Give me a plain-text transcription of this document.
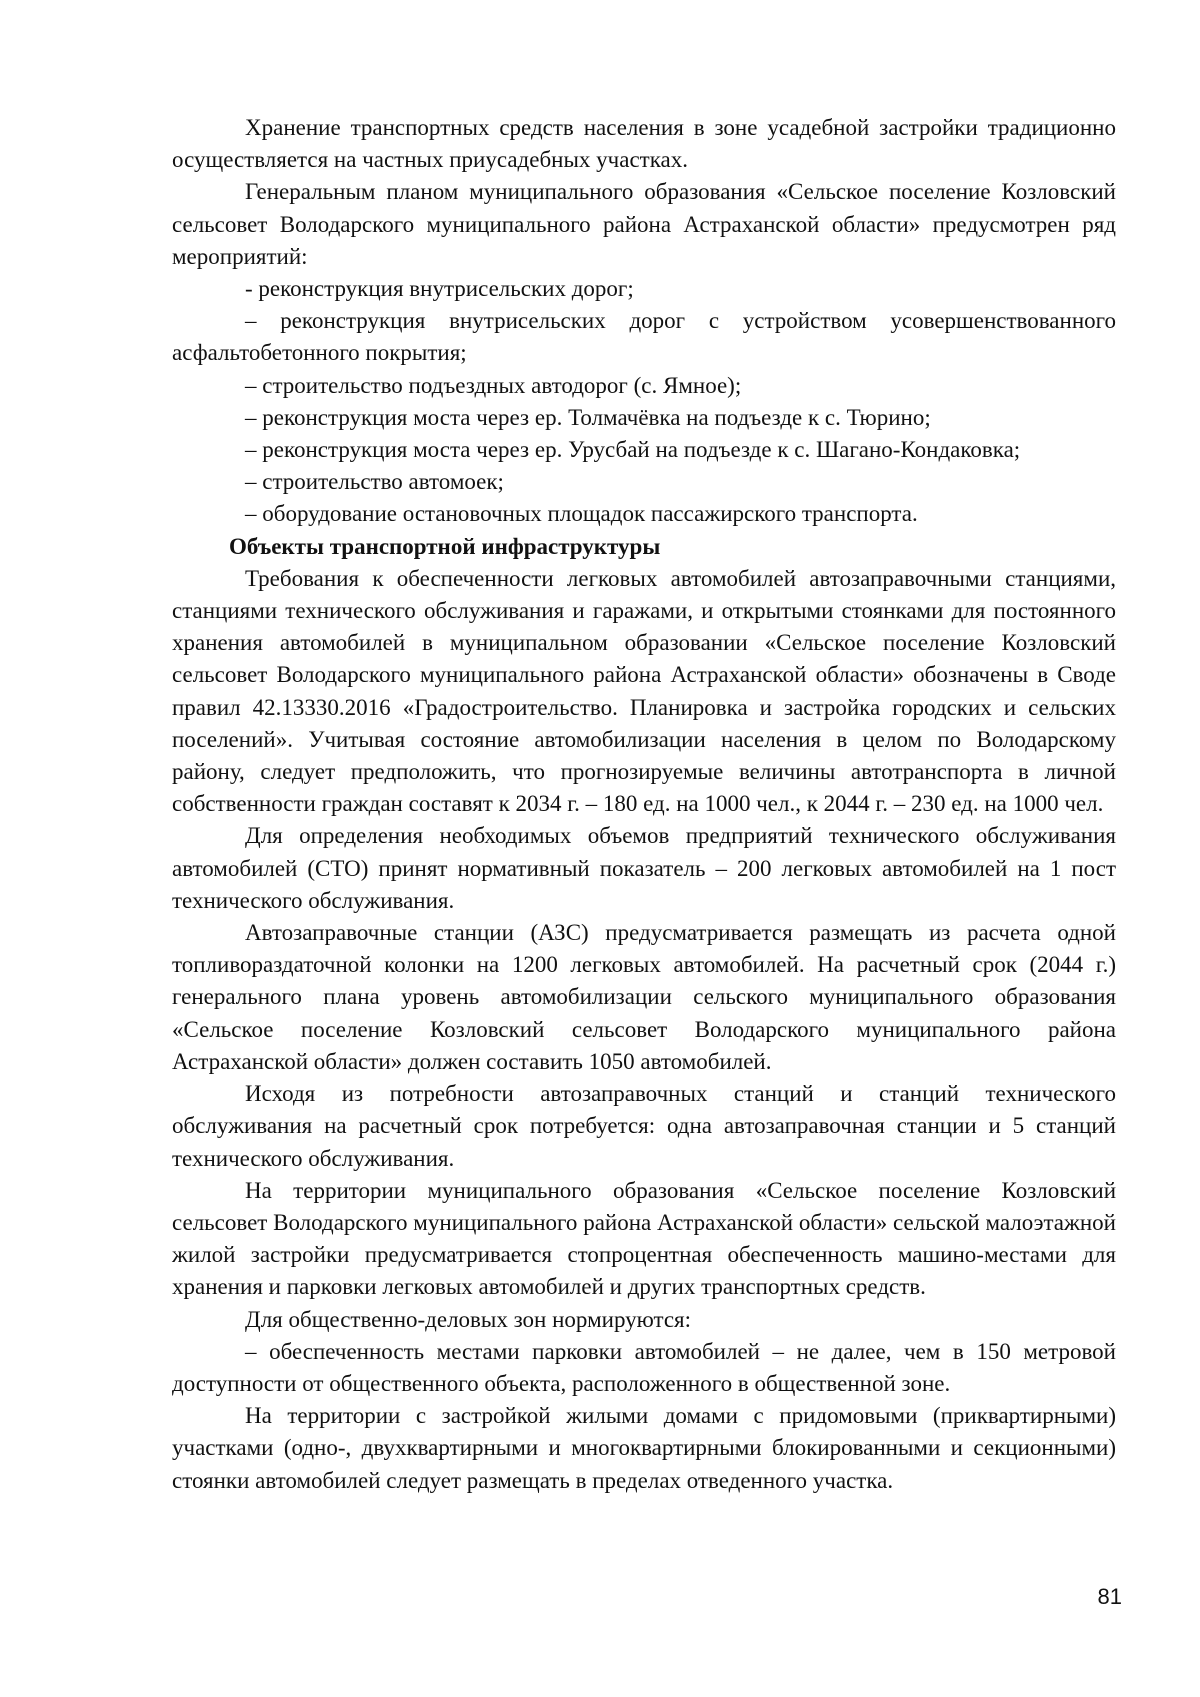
Хранение транспортных средств населения в зоне усадебной застройки традиционно осуществляется на частных приусадебных участках.

Генеральным планом муниципального образования «Сельское поселение Козловский сельсовет Володарского муниципального района Астраханской области» предусмотрен ряд мероприятий:

- реконструкция внутрисельских дорог;

– реконструкция внутрисельских дорог с устройством усовершенствованного асфальтобетонного покрытия;

– строительство подъездных автодорог (с. Ямное);

– реконструкция моста через ер. Толмачёвка на подъезде к с. Тюрино;

– реконструкция моста через ер. Урусбай на подъезде к с. Шагано-Кондаковка;

– строительство автомоек;

– оборудование остановочных площадок пассажирского транспорта.

Объекты транспортной инфраструктуры

Требования к обеспеченности легковых автомобилей автозаправочными станциями, станциями технического обслуживания и гаражами, и открытыми стоянками для постоянного хранения автомобилей в муниципальном образовании «Сельское поселение Козловский сельсовет Володарского муниципального района Астраханской области» обозначены в Своде правил 42.13330.2016 «Градостроительство. Планировка и застройка городских и сельских поселений». Учитывая состояние автомобилизации населения в целом по Володарскому району, следует предположить, что прогнозируемые величины автотранспорта в личной собственности граждан составят к 2034 г. – 180 ед. на 1000 чел., к 2044 г. – 230 ед. на 1000 чел.

Для определения необходимых объемов предприятий технического обслуживания автомобилей (СТО) принят нормативный показатель – 200 легковых автомобилей на 1 пост технического обслуживания.

Автозаправочные станции (АЗС) предусматривается размещать из расчета одной топливораздаточной колонки на 1200 легковых автомобилей. На расчетный срок (2044 г.) генерального плана уровень автомобилизации сельского муниципального образования «Сельское поселение Козловский сельсовет Володарского муниципального района Астраханской области» должен составить 1050 автомобилей.

Исходя из потребности автозаправочных станций и станций технического обслуживания на расчетный срок потребуется: одна автозаправочная станции и 5 станций технического обслуживания.

На территории муниципального образования «Сельское поселение Козловский сельсовет Володарского муниципального района Астраханской области» сельской малоэтажной жилой застройки предусматривается стопроцентная обеспеченность машино-местами для хранения и парковки легковых автомобилей и других транспортных средств.

Для общественно-деловых зон нормируются:

– обеспеченность местами парковки автомобилей – не далее, чем в 150 метровой доступности от общественного объекта, расположенного в общественной зоне.

На территории с застройкой жилыми домами с придомовыми (приквартирными) участками (одно-, двухквартирными и многоквартирными блокированными и секционными) стоянки автомобилей следует размещать в пределах отведенного участка.

81
